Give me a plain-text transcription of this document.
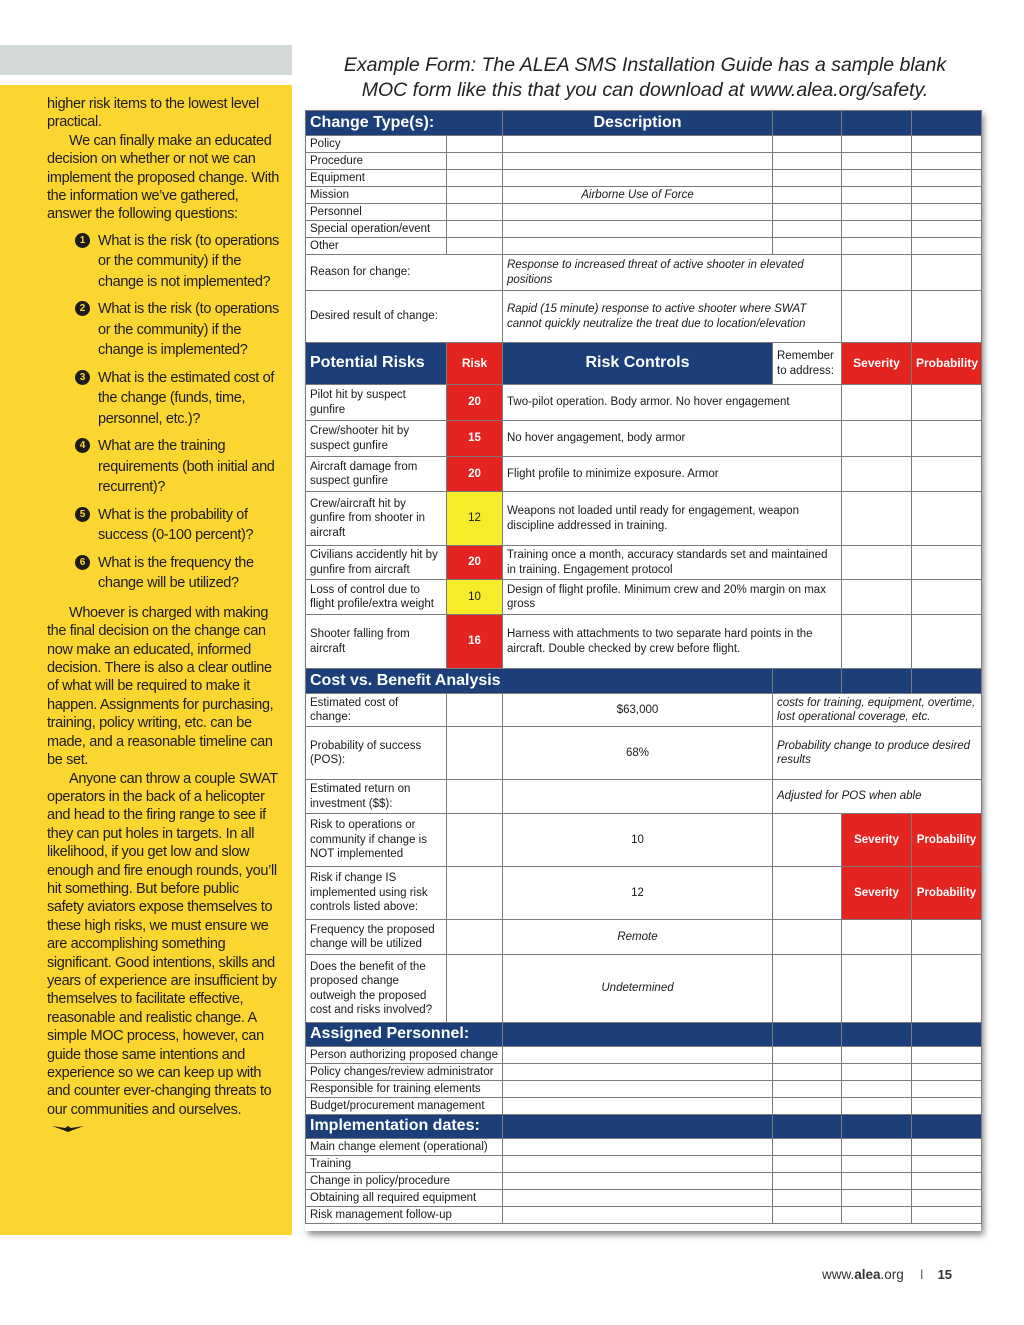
higher risk items to the lowest level practical.

We can finally make an educated decision on whether or not we can implement the proposed change. With the information we’ve gathered, answer the following questions:

1 What is the risk (to operations or the community) if the change is not implemented?
2 What is the risk (to operations or the community) if the change is implemented?
3 What is the estimated cost of the change (funds, time, personnel, etc.)?
4 What are the training requirements (both initial and recurrent)?
5 What is the probability of success (0-100 percent)?
6 What is the frequency the change will be utilized?

Whoever is charged with making the final decision on the change can now make an educated, informed decision. There is also a clear outline of what will be required to make it happen. Assignments for purchasing, training, policy writing, etc. can be made, and a reasonable timeline can be set.

Anyone can throw a couple SWAT operators in the back of a helicopter and head to the firing range to see if they can put holes in targets. In all likelihood, if you get low and slow enough and fire enough rounds, you’ll hit something. But before public safety aviators expose themselves to these high risks, we must ensure we are accomplishing something significant. Good intentions, skills and years of experience are insufficient by themselves to facilitate effective, reasonable and realistic change. A simple MOC process, however, can guide those same intentions and experience so we can keep up with and counter ever-changing threats to our communities and ourselves.

Example Form: The ALEA SMS Installation Guide has a sample blank
MOC form like this that you can download at www.alea.org/safety.
Change Type(s):		Description			
Policy					
Procedure					
Equipment					
Mission		Airborne Use of Force			
Personnel					
Special operation/event					
Other					
Reason for change:		Response to increased threat of active shooter in elevated positions			
Desired result of change:		Rapid (15 minute) response to active shooter where SWAT cannot quickly neutralize the treat due to location/elevation			
Potential Risks	Risk	Risk Controls	Remember to address:	Severity	Probability
Pilot hit by suspect gunfire	20	Two-pilot operation. Body armor. No hover engagement			
Crew/shooter hit by suspect gunfire	15	No hover angagement, body armor			
Aircraft damage from suspect gunfire	20	Flight profile to minimize exposure. Armor			
Crew/aircraft hit by gunfire from shooter in aircraft	12	Weapons not loaded until ready for engagement, weapon discipline addressed in training.			
Civilians accidently hit by gunfire from aircraft	20	Training once a month, accuracy standards set and maintained in training. Engagement protocol			
Loss of control due to flight profile/extra weight	10	Design of flight profile. Minimum crew and 20% margin on max gross			
Shooter falling from aircraft	16	Harness with attachments to two separate hard points in the aircraft. Double checked by crew before flight.			
Cost vs. Benefit Analysis					
Estimated cost of change:		$63,000	costs for training, equipment, overtime, lost operational coverage, etc.		
Probability of success (POS):		68%	Probability change to produce desired results		
Estimated return on investment ($$):			Adjusted for POS when able		
Risk to operations or community if change is NOT implemented		10		Severity	Probability
Risk if change IS implemented using risk controls listed above:		12		Severity	Probability
Frequency the proposed change will be utilized		Remote			
Does the benefit of the proposed change outweigh the proposed cost and risks involved?		Undetermined			
Assigned Personnel:					
Person authorizing proposed change					
Policy changes/review administrator					
Responsible for training elements					
Budget/procurement management					
Implementation dates:					
Main change element (operational)					
Training					
Change in policy/procedure					
Obtaining all required equipment					
Risk management follow-up					
www.alea.org I 15
